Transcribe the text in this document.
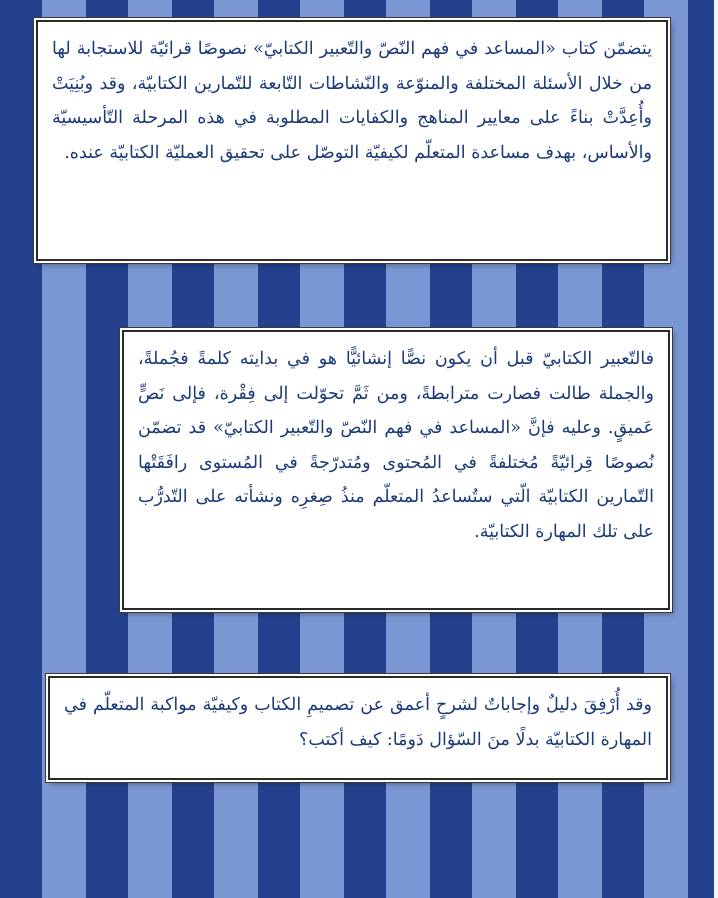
يتضمّن كتاب «المساعد في فهم النّصّ والتّعبير الكتابيّ» نصوصًا قرائيّة للاستجابة لها من خلال الأسئلة المختلفة والمنوّعة والنّشاطات التّابعة للتّمارين الكتابيّة، وقد وبُنِيَتْ وأُعِدَّتْ بناءً على معايير المناهج والكفايات المطلوبة في هذه المرحلة التّأسيسيّة والأساس، بهدف مساعدة المتعلّم لكيفيّة التوصّل على تحقيق العمليّة الكتابيّة عنده.

فالتّعبير الكتابيّ قبل أن يكون نصًّا إنشائيًّا هو في بدايته كلمةً فجُملةً، والجملة طالت فصارت مترابطةً، ومن ثَمَّ تحوّلت إلى فِقْرة، فإلى نَصٍّ عَميقٍ. وعليه فإنَّ «المساعد في فهم النّصّ والتّعبير الكتابيّ» قد تضمّن نُصوصًا قِرائيّةً مُختلفةً في المُحتوى ومُتدرّجةً في المُستوى رافَقَتْها التّمارين الكتابيّة الّتي ستُساعدُ المتعلّم منذُ صِغرِه ونشأته على التّدرُّب على تلك المهارة الكتابيّة.

وقد أُرْفِقَ دليلٌ وإجاباتٌ لشرحٍ أعمق عن تصميمِ الكتاب وكيفيّة مواكبة المتعلّم في المهارة الكتابيّة بدلًا منَ السّؤال دَومًا: كيف أكتب؟
